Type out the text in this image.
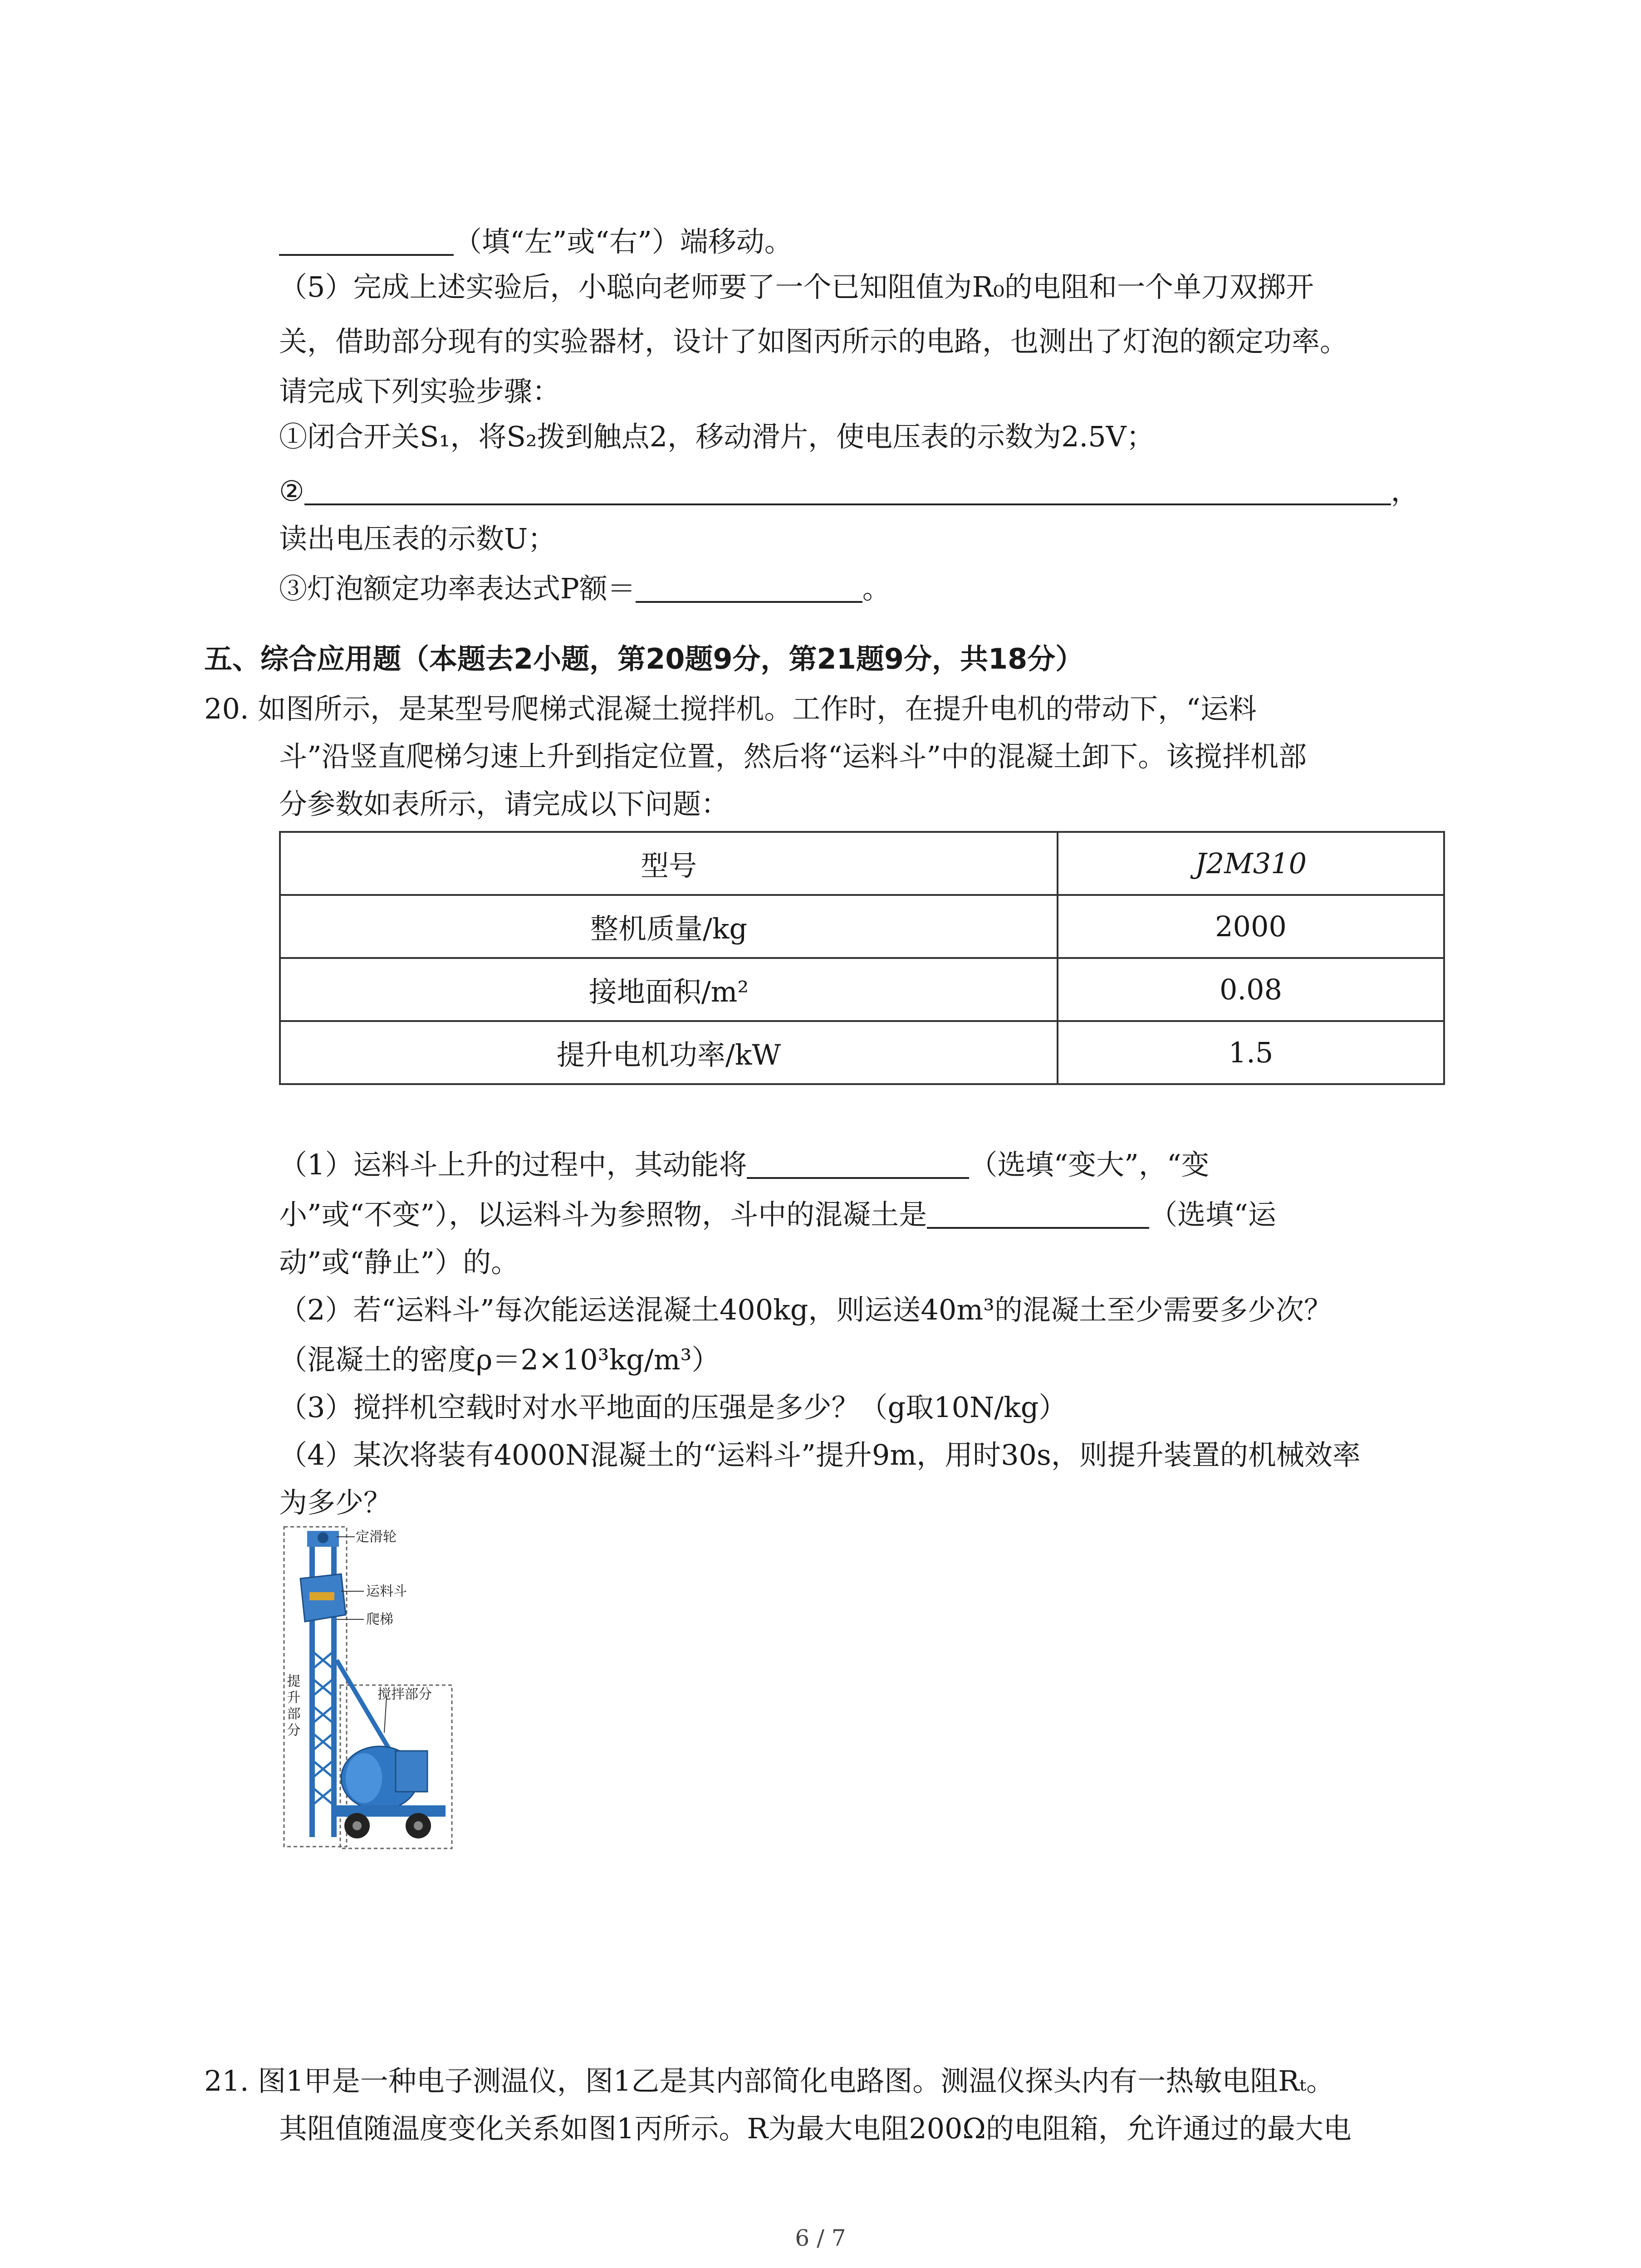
（填“左”或“右”）端移动。
（5）完成上述实验后，小聪向老师要了一个已知阻值为R₀的电阻和一个单刀双掷开
关，借助部分现有的实验器材，设计了如图丙所示的电路，也测出了灯泡的额定功率。
请完成下列实验步骤：
①闭合开关S₁，将S₂拨到触点2，移动滑片，使电压表的示数为2.5V；
②	，
读出电压表的示数U；
③灯泡额定功率表达式P额＝	。
五、综合应用题（本题去2小题，第20题9分，第21题9分，共18分）
20. 如图所示，是某型号爬梯式混凝土搅拌机。工作时，在提升电机的带动下，“运料
斗”沿竖直爬梯匀速上升到指定位置，然后将“运料斗”中的混凝土卸下。该搅拌机部
分参数如表所示，请完成以下问题：
型号	J2M310
整机质量/kg	2000
接地面积/m²	0.08
提升电机功率/kW	1.5
（1）运料斗上升的过程中，其动能将	（选填“变大”，“变
小”或“不变”），以运料斗为参照物，斗中的混凝土是	（选填“运
动”或“静止”）的。
（2）若“运料斗”每次能运送混凝土400kg，则运送40m³的混凝土至少需要多少次？
（混凝土的密度ρ＝2×10³kg/m³）
（3）搅拌机空载时对水平地面的压强是多少？（g取10N/kg）
（4）某次将装有4000N混凝土的“运料斗”提升9m，用时30s，则提升装置的机械效率
为多少？
定滑轮
运料斗
爬梯
搅拌部分
提升部分
21. 图1甲是一种电子测温仪，图1乙是其内部简化电路图。测温仪探头内有一热敏电阻Rₜ。
其阻值随温度变化关系如图1丙所示。R为最大电阻200Ω的电阻箱，允许通过的最大电
6 / 7
